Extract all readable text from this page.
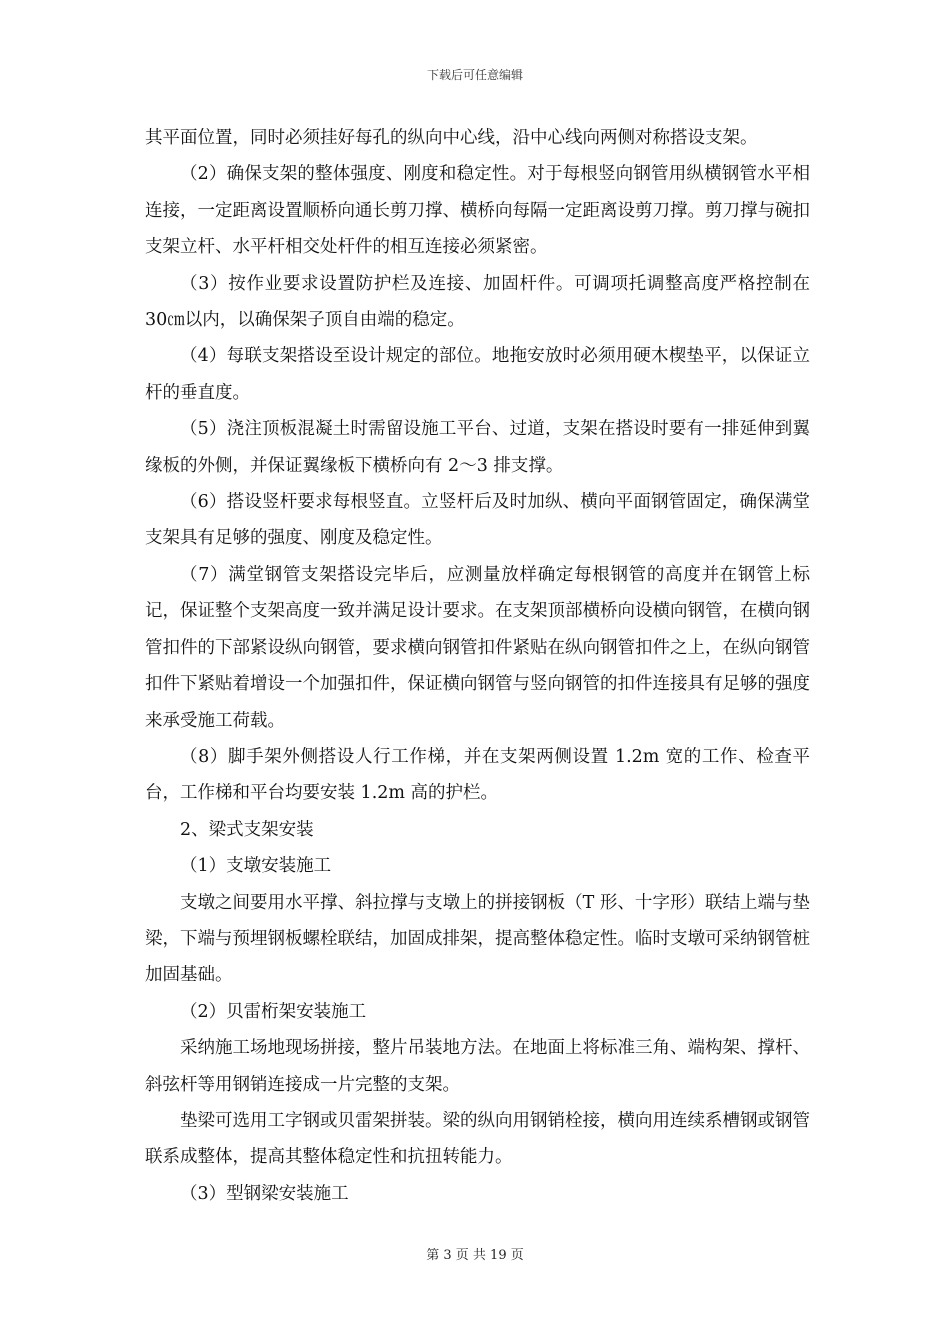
下载后可任意编辑

其平面位置，同时必须挂好每孔的纵向中心线，沿中心线向两侧对称搭设支架。

（2）确保支架的整体强度、刚度和稳定性。对于每根竖向钢管用纵横钢管水平相连接，一定距离设置顺桥向通长剪刀撑、横桥向每隔一定距离设剪刀撑。剪刀撑与碗扣支架立杆、水平杆相交处杆件的相互连接必须紧密。

（3）按作业要求设置防护栏及连接、加固杆件。可调项托调整高度严格控制在 30㎝以内，以确保架子顶自由端的稳定。

（4）每联支架搭设至设计规定的部位。地拖安放时必须用硬木楔垫平，以保证立杆的垂直度。

（5）浇注顶板混凝土时需留设施工平台、过道，支架在搭设时要有一排延伸到翼缘板的外侧，并保证翼缘板下横桥向有 2～3 排支撑。

（6）搭设竖杆要求每根竖直。立竖杆后及时加纵、横向平面钢管固定，确保满堂支架具有足够的强度、刚度及稳定性。

（7）满堂钢管支架搭设完毕后，应测量放样确定每根钢管的高度并在钢管上标记，保证整个支架高度一致并满足设计要求。在支架顶部横桥向设横向钢管，在横向钢管扣件的下部紧设纵向钢管，要求横向钢管扣件紧贴在纵向钢管扣件之上，在纵向钢管扣件下紧贴着增设一个加强扣件，保证横向钢管与竖向钢管的扣件连接具有足够的强度来承受施工荷载。

（8）脚手架外侧搭设人行工作梯，并在支架两侧设置 1.2m 宽的工作、检查平台，工作梯和平台均要安装 1.2m 高的护栏。

2、梁式支架安装

（1）支墩安装施工

支墩之间要用水平撑、斜拉撑与支墩上的拼接钢板（T 形、十字形）联结上端与垫梁，下端与预埋钢板螺栓联结，加固成排架，提高整体稳定性。临时支墩可采纳钢管桩加固基础。

（2）贝雷桁架安装施工

采纳施工场地现场拼接，整片吊装地方法。在地面上将标准三角、端构架、撑杆、斜弦杆等用钢销连接成一片完整的支架。

垫梁可选用工字钢或贝雷架拼装。梁的纵向用钢销栓接，横向用连续系槽钢或钢管联系成整体，提高其整体稳定性和抗扭转能力。

（3）型钢梁安装施工

第 3 页 共 19 页
